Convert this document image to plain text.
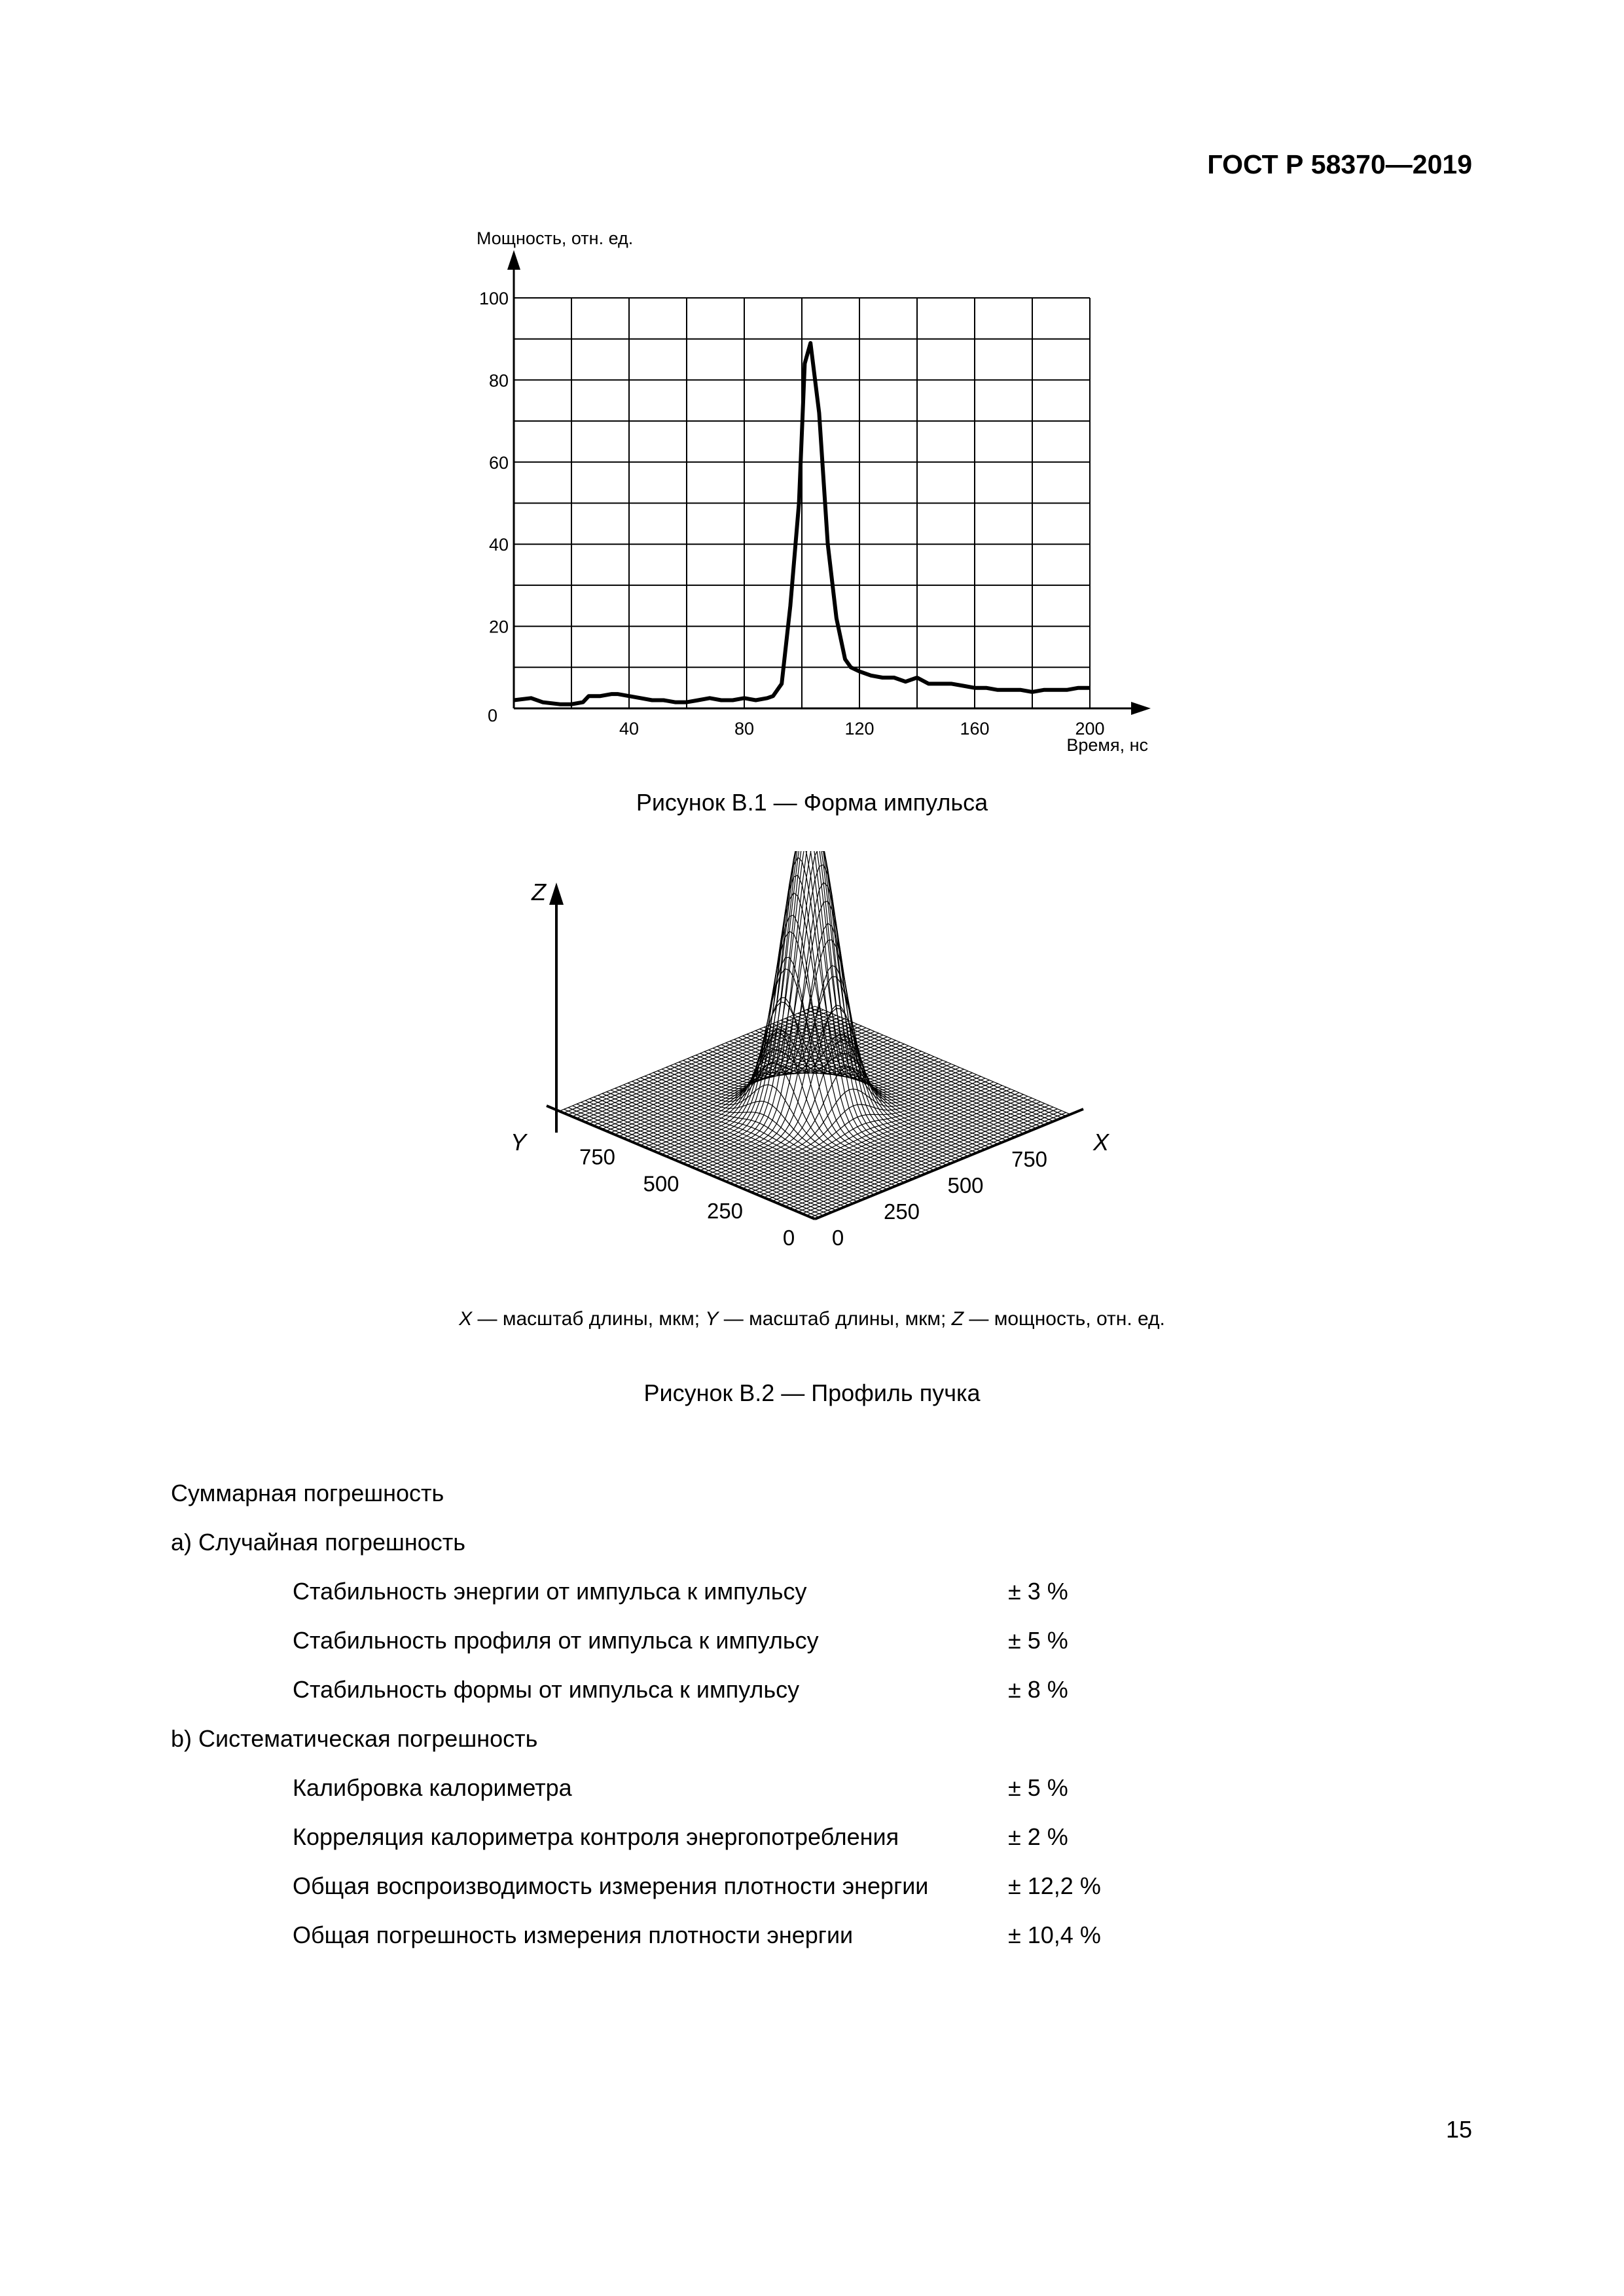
ГОСТ Р 58370—2019
0
20
40
60
80
100
40	80	120	160	200
Мощность, отн. ед.
Время, нс
Рисунок В.1 — Форма импульса
Z
Y	X
750
500
250
0
750
500
250
0
X — масштаб длины, мкм; Y — масштаб длины, мкм; Z — мощность, отн. ед.
Рисунок В.2 — Профиль пучка
Суммарная погрешность
a) Случайная погрешность
Стабильность энергии от импульса к импульсу	± 3 %
Стабильность профиля от импульса к импульсу	± 5 %
Стабильность формы от импульса к импульсу	± 8 %
b) Систематическая погрешность
Калибровка калориметра	± 5 %
Корреляция калориметра контроля энергопотребления	± 2 %
Общая воспроизводимость измерения плотности энергии	± 12,2 %
Общая погрешность измерения плотности энергии	± 10,4 %
15
